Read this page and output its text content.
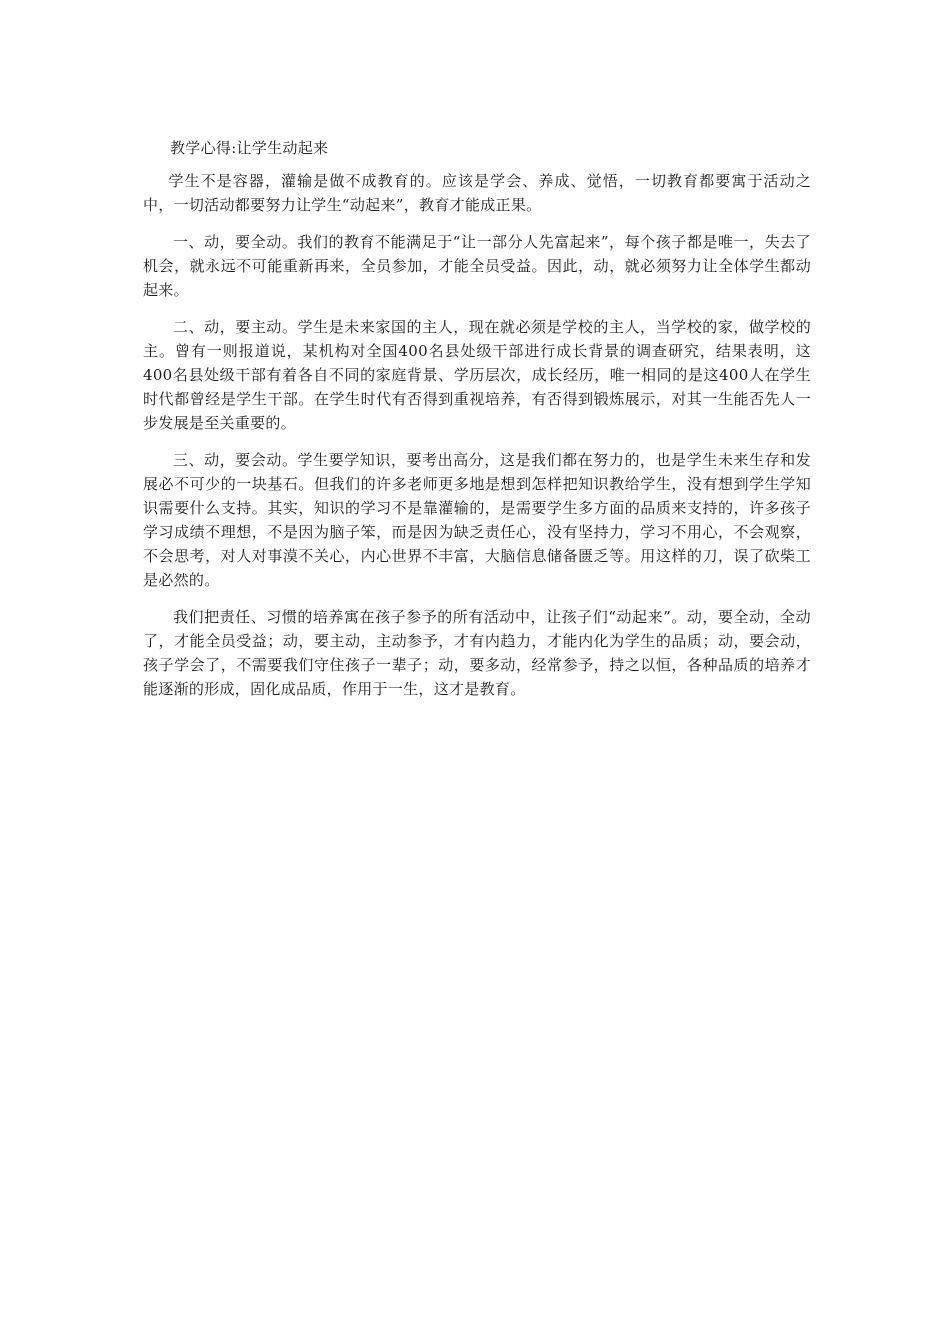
教学心得:让学生动起来

学生不是容器，灌输是做不成教育的。应该是学会、养成、觉悟，一切教育都要寓于活动之中，一切活动都要努力让学生“动起来”，教育才能成正果。

一、动，要全动。我们的教育不能满足于“让一部分人先富起来”，每个孩子都是唯一，失去了机会，就永远不可能重新再来，全员参加，才能全员受益。因此，动，就必须努力让全体学生都动起来。

二、动，要主动。学生是未来家国的主人，现在就必须是学校的主人，当学校的家，做学校的主。曾有一则报道说，某机构对全国400名县处级干部进行成长背景的调查研究，结果表明，这400名县处级干部有着各自不同的家庭背景、学历层次，成长经历，唯一相同的是这400人在学生时代都曾经是学生干部。在学生时代有否得到重视培养，有否得到锻炼展示，对其一生能否先人一步发展是至关重要的。

三、动，要会动。学生要学知识，要考出高分，这是我们都在努力的，也是学生未来生存和发展必不可少的一块基石。但我们的许多老师更多地是想到怎样把知识教给学生，没有想到学生学知识需要什么支持。其实，知识的学习不是靠灌输的，是需要学生多方面的品质来支持的，许多孩子学习成绩不理想，不是因为脑子笨，而是因为缺乏责任心，没有坚持力，学习不用心，不会观察，不会思考，对人对事漠不关心，内心世界不丰富，大脑信息储备匮乏等。用这样的刀，误了砍柴工是必然的。

我们把责任、习惯的培养寓在孩子参予的所有活动中，让孩子们“动起来”。动，要全动，全动了，才能全员受益；动，要主动，主动参予，才有内趋力，才能内化为学生的品质；动，要会动，孩子学会了，不需要我们守住孩子一辈子；动，要多动，经常参予，持之以恒，各种品质的培养才能逐渐的形成，固化成品质，作用于一生，这才是教育。
